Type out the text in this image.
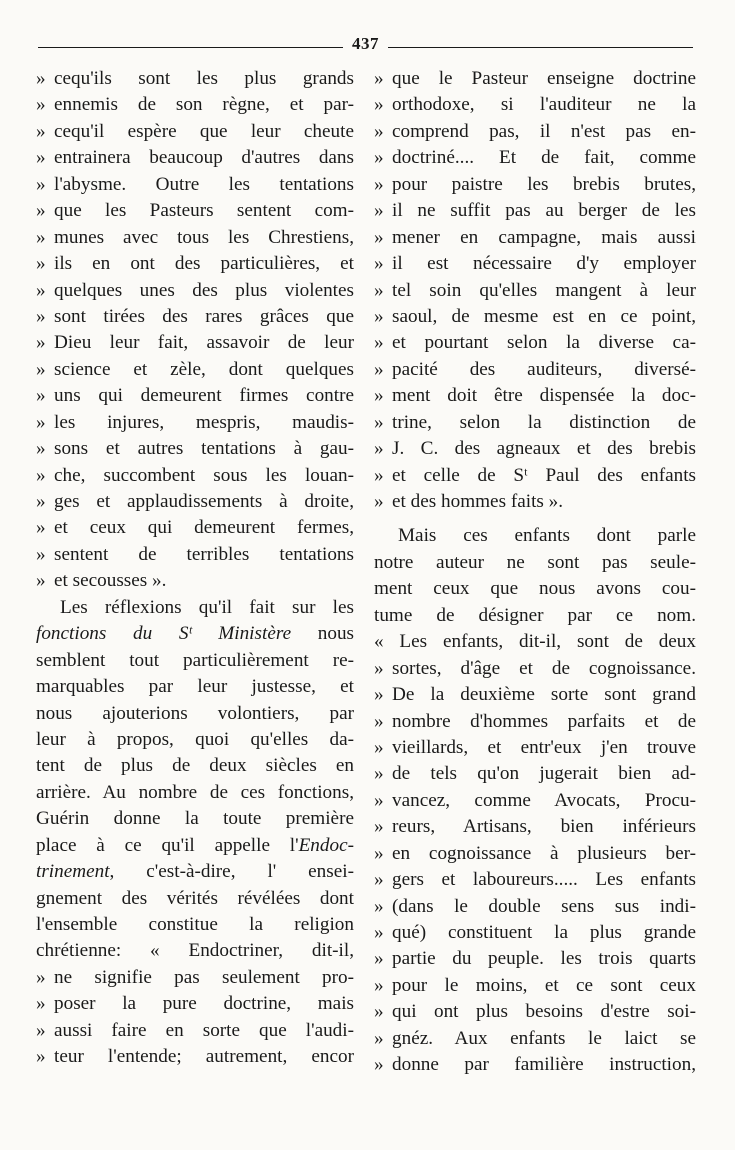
437
» cequ'ils sont les plus grands
» ennemis de son règne, et par-
» cequ'il espère que leur cheute
» entrainera beaucoup d'autres dans
» l'abysme. Outre les tentations
» que les Pasteurs sentent com-
» munes avec tous les Chrestiens,
» ils en ont des particulières, et
» quelques unes des plus violentes
» sont tirées des rares grâces que
» Dieu leur fait, assavoir de leur
» science et zèle, dont quelques
» uns qui demeurent firmes contre
» les injures, mespris, maudis-
» sons et autres tentations à gau-
» che, succombent sous les louan-
» ges et applaudissements à droite,
» et ceux qui demeurent fermes,
» sentent de terribles tentations
» et secousses ».
Les réflexions qu'il fait sur les
fonctions du Sᵗ Ministère nous
semblent tout particulièrement re-
marquables par leur justesse, et
nous ajouterions volontiers, par
leur à propos, quoi qu'elles da-
tent de plus de deux siècles en
arrière. Au nombre de ces fonctions,
Guérin donne la toute première
place à ce qu'il appelle l'Endoc-
trinement, c'est-à-dire, l' ensei-
gnement des vérités révélées dont
l'ensemble constitue la religion
chrétienne: « Endoctriner, dit-il,
» ne signifie pas seulement pro-
» poser la pure doctrine, mais
» aussi faire en sorte que l'audi-
» teur l'entende; autrement, encor
» que le Pasteur enseigne doctrine
» orthodoxe, si l'auditeur ne la
» comprend pas, il n'est pas en-
» doctriné.... Et de fait, comme
» pour paistre les brebis brutes,
» il ne suffit pas au berger de les
» mener en campagne, mais aussi
» il est nécessaire d'y employer
» tel soin qu'elles mangent à leur
» saoul, de mesme est en ce point,
» et pourtant selon la diverse ca-
» pacité des auditeurs, diversé-
» ment doit être dispensée la doc-
» trine, selon la distinction de
» J. C. des agneaux et des brebis
» et celle de Sᵗ Paul des enfants
» et des hommes faits ».
Mais ces enfants dont parle
notre auteur ne sont pas seule-
ment ceux que nous avons cou-
tume de désigner par ce nom.
« Les enfants, dit-il, sont de deux
» sortes, d'âge et de cognoissance.
» De la deuxième sorte sont grand
» nombre d'hommes parfaits et de
» vieillards, et entr'eux j'en trouve
» de tels qu'on jugerait bien ad-
» vancez, comme Avocats, Procu-
» reurs, Artisans, bien inférieurs
» en cognoissance à plusieurs ber-
» gers et laboureurs..... Les enfants
» (dans le double sens sus indi-
» qué) constituent la plus grande
» partie du peuple. les trois quarts
» pour le moins, et ce sont ceux
» qui ont plus besoins d'estre soi-
» gnéz. Aux enfants le laict se
» donne par familière instruction,
